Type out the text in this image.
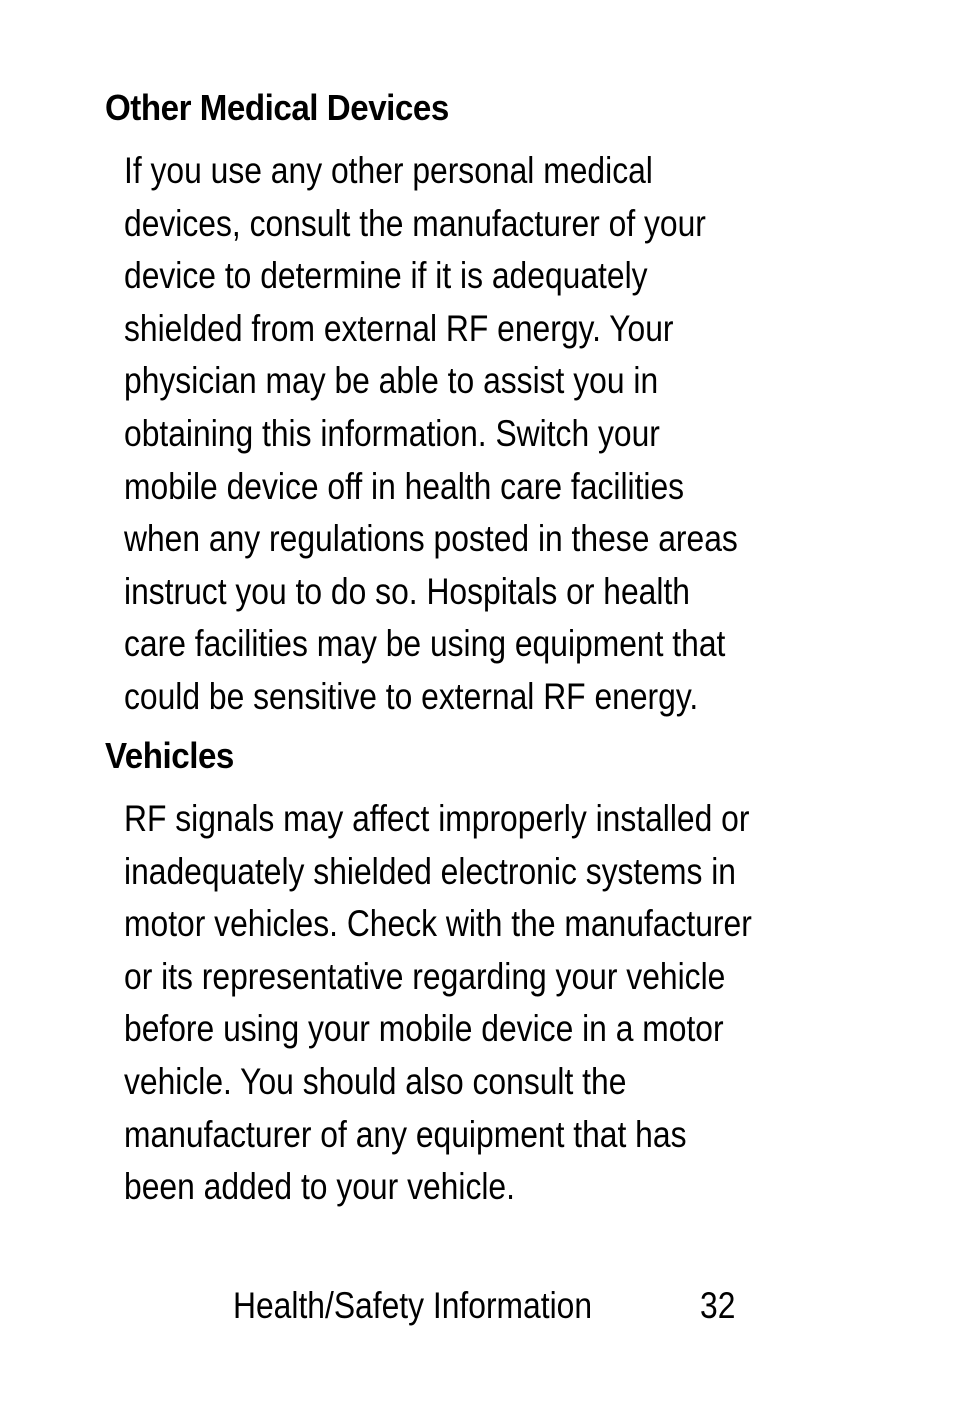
Other Medical Devices
If you use any other personal medical
devices, consult the manufacturer of your
device to determine if it is adequately
shielded from external RF energy. Your
physician may be able to assist you in
obtaining this information. Switch your
mobile device off in health care facilities
when any regulations posted in these areas
instruct you to do so. Hospitals or health
care facilities may be using equipment that
could be sensitive to external RF energy.
Vehicles
RF signals may affect improperly installed or
inadequately shielded electronic systems in
motor vehicles. Check with the manufacturer
or its representative regarding your vehicle
before using your mobile device in a motor
vehicle. You should also consult the
manufacturer of any equipment that has
been added to your vehicle.
Health/Safety Information	32
